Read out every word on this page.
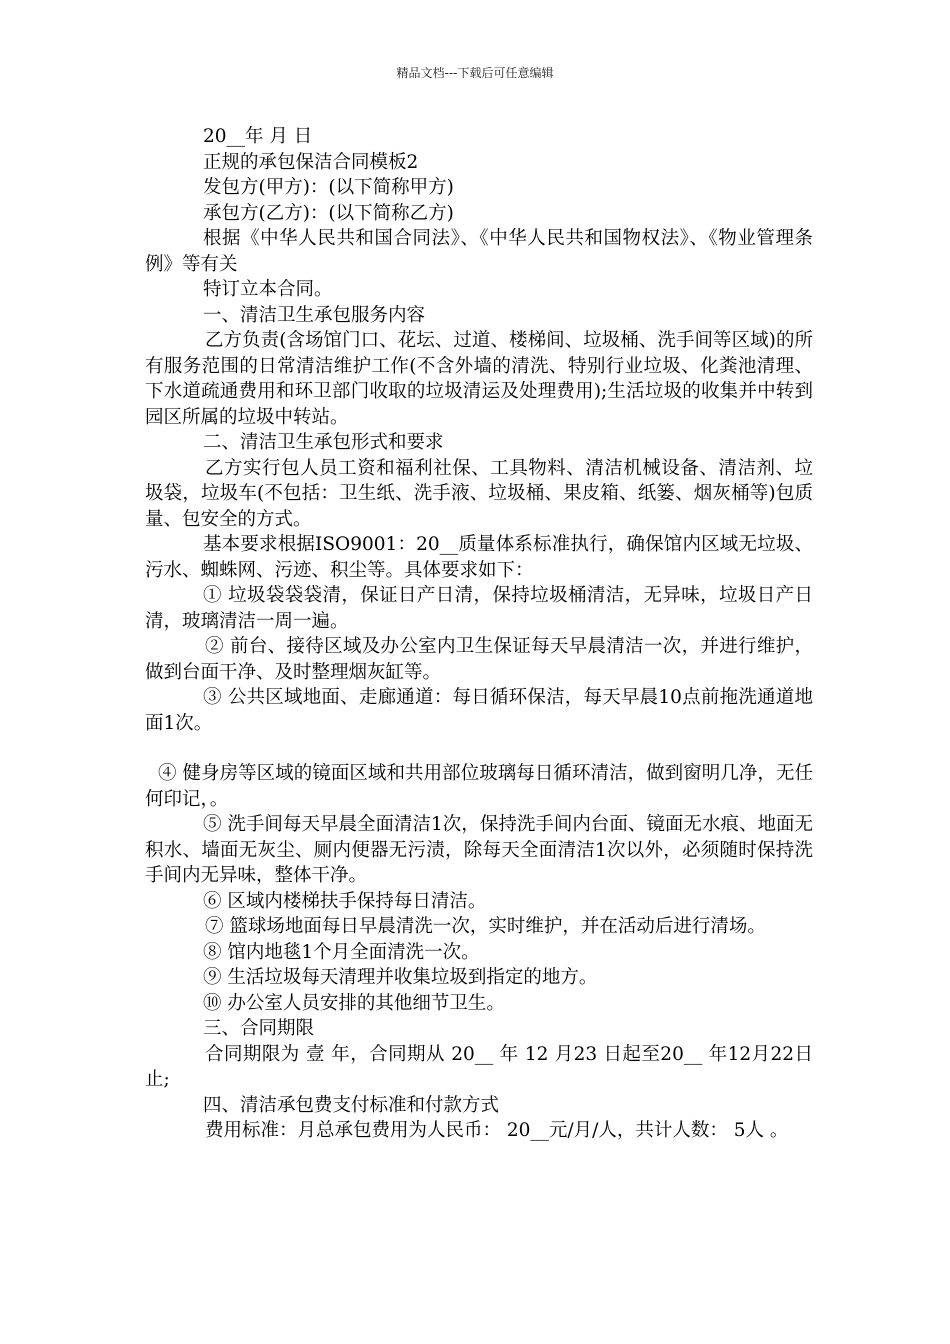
精品文档---下载后可任意编辑

20__年 月 日

正规的承包保洁合同模板2

发包方(甲方)：(以下简称甲方)

承包方(乙方)：(以下简称乙方)

根据《中华人民共和国合同法》、《中华人民共和国物权法》、《物业管理条例》等有关

特订立本合同。

一、清洁卫生承包服务内容

乙方负责(含场馆门口、花坛、过道、楼梯间、垃圾桶、洗手间等区域)的所有服务范围的日常清洁维护工作(不含外墙的清洗、特别行业垃圾、化粪池清理、下水道疏通费用和环卫部门收取的垃圾清运及处理费用);生活垃圾的收集并中转到园区所属的垃圾中转站。

二、清洁卫生承包形式和要求

乙方实行包人员工资和福利社保、工具物料、清洁机械设备、清洁剂、垃圾袋，垃圾车(不包括：卫生纸、洗手液、垃圾桶、果皮箱、纸篓、烟灰桶等)包质量、包安全的方式。

基本要求根据ISO9001：20__质量体系标准执行，确保馆内区域无垃圾、污水、蜘蛛网、污迹、积尘等。具体要求如下：

① 垃圾袋袋袋清，保证日产日清，保持垃圾桶清洁，无异味，垃圾日产日清，玻璃清洁一周一遍。

② 前台、接待区域及办公室内卫生保证每天早晨清洁一次，并进行维护，做到台面干净、及时整理烟灰缸等。

③ 公共区域地面、走廊通道：每日循环保洁，每天早晨10点前拖洗通道地面1次。

④ 健身房等区域的镜面区域和共用部位玻璃每日循环清洁，做到窗明几净，无任何印记，。

⑤ 洗手间每天早晨全面清洁1次，保持洗手间内台面、镜面无水痕、地面无积水、墙面无灰尘、厕内便器无污渍，除每天全面清洁1次以外，必须随时保持洗手间内无异味，整体干净。

⑥ 区域内楼梯扶手保持每日清洁。

⑦ 篮球场地面每日早晨清洗一次，实时维护，并在活动后进行清场。

⑧ 馆内地毯1个月全面清洗一次。

⑨ 生活垃圾每天清理并收集垃圾到指定的地方。

⑩ 办公室人员安排的其他细节卫生。

三、合同期限

合同期限为 壹 年，合同期从 20__ 年 12 月23 日起至20__ 年12月22日止;

四、清洁承包费支付标准和付款方式

费用标准：月总承包费用为人民币： 20__元/月/人，共计人数： 5人 。
